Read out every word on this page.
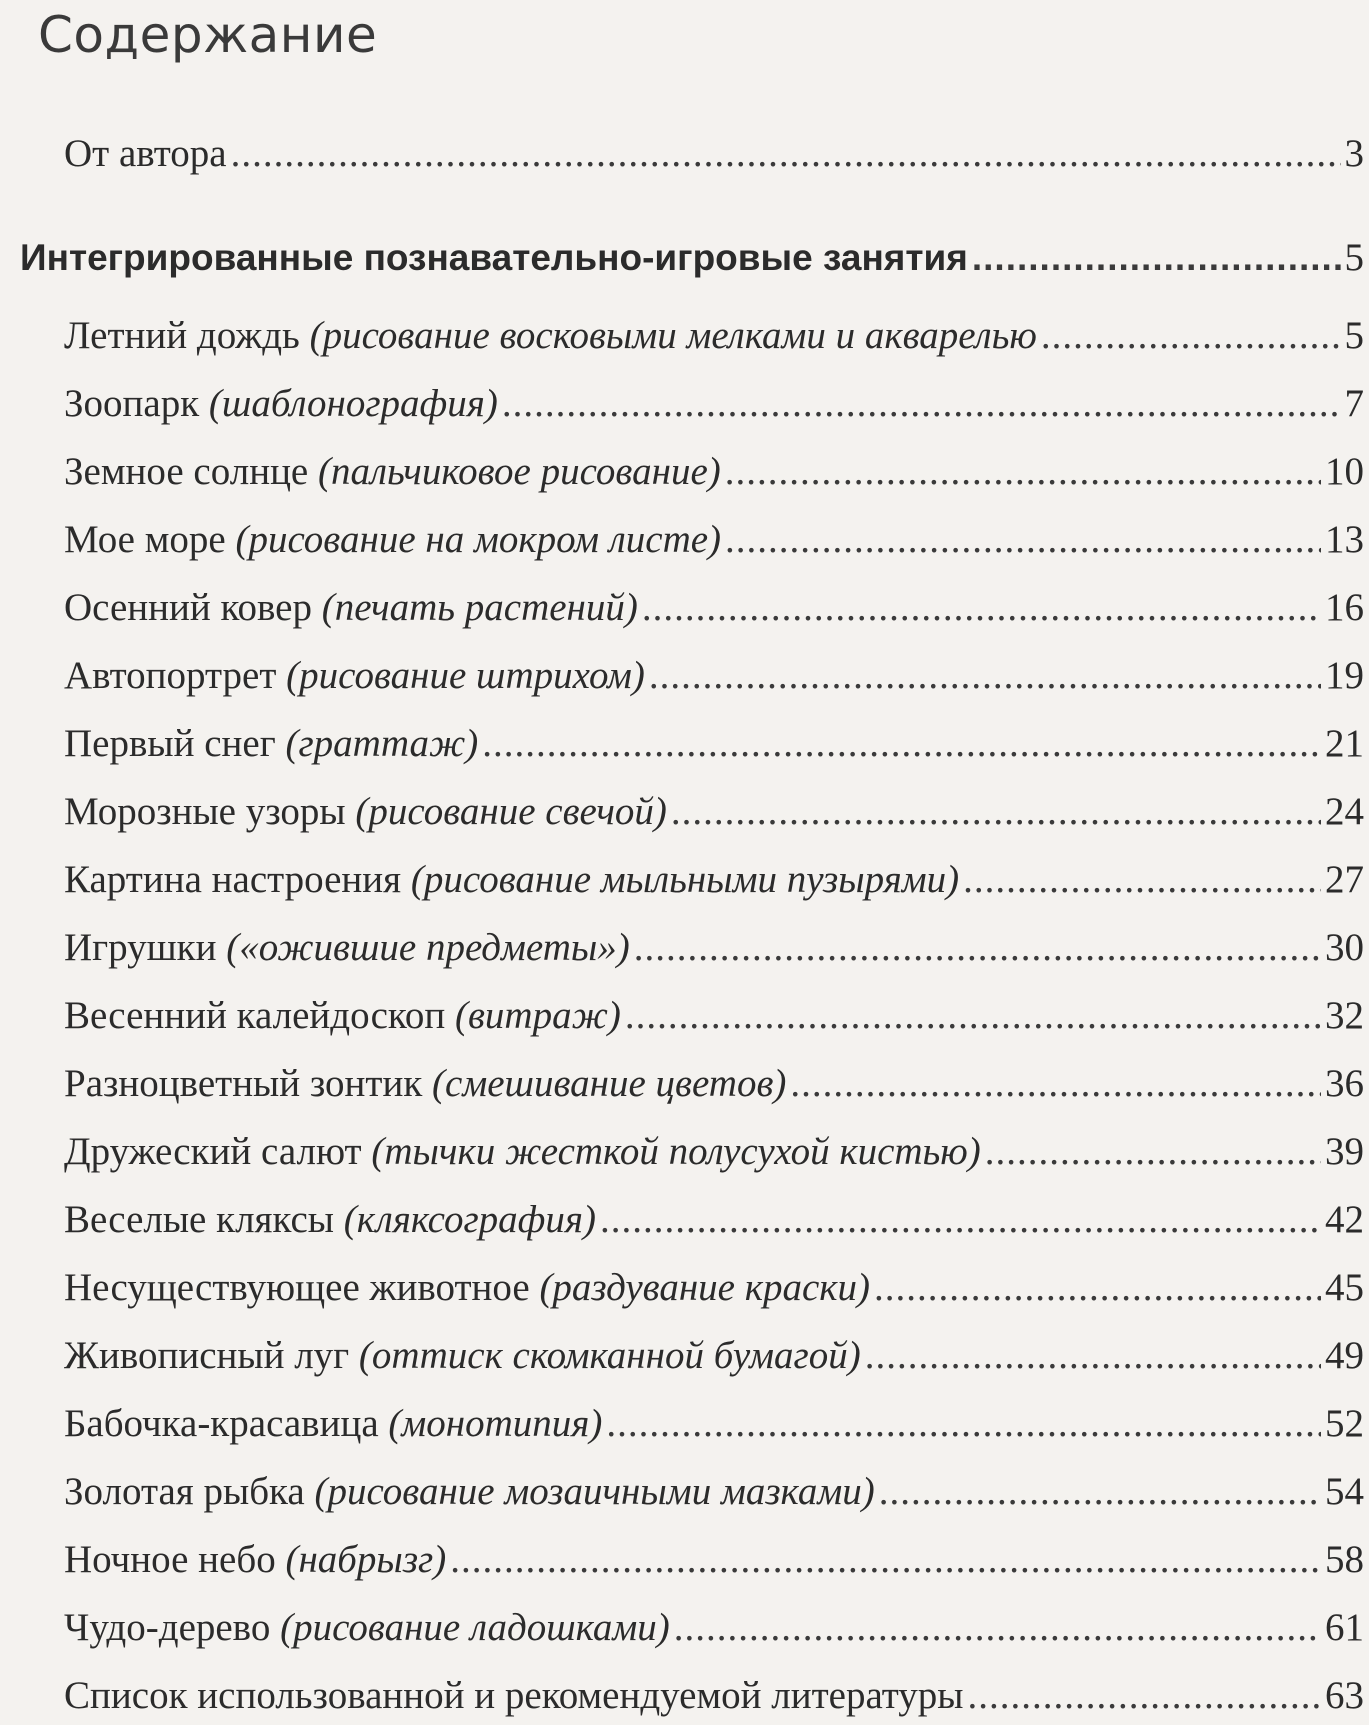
Содержание
От автора .....	3
Интегрированные познавательно-игровые занятия .....	5
Летний дождь (рисование восковыми мелками и акварелью .....	5
Зоопарк (шаблонография) .....	7
Земное солнце (пальчиковое рисование) .....	10
Мое море (рисование на мокром листе) .....	13
Осенний ковер (печать растений) .....	16
Автопортрет (рисование штрихом) .....	19
Первый снег (граттаж) .....	21
Морозные узоры (рисование свечой) .....	24
Картина настроения (рисование мыльными пузырями) .....	27
Игрушки («ожившие предметы») .....	30
Весенний калейдоскоп (витраж) .....	32
Разноцветный зонтик (смешивание цветов) .....	36
Дружеский салют (тычки жесткой полусухой кистью) .....	39
Веселые кляксы (кляксография) .....	42
Несуществующее животное (раздувание краски) .....	45
Живописный луг (оттиск скомканной бумагой) .....	49
Бабочка-красавица (монотипия) .....	52
Золотая рыбка (рисование мозаичными мазками) .....	54
Ночное небо (набрызг) .....	58
Чудо-дерево (рисование ладошками) .....	61
Список использованной и рекомендуемой литературы .....	63
